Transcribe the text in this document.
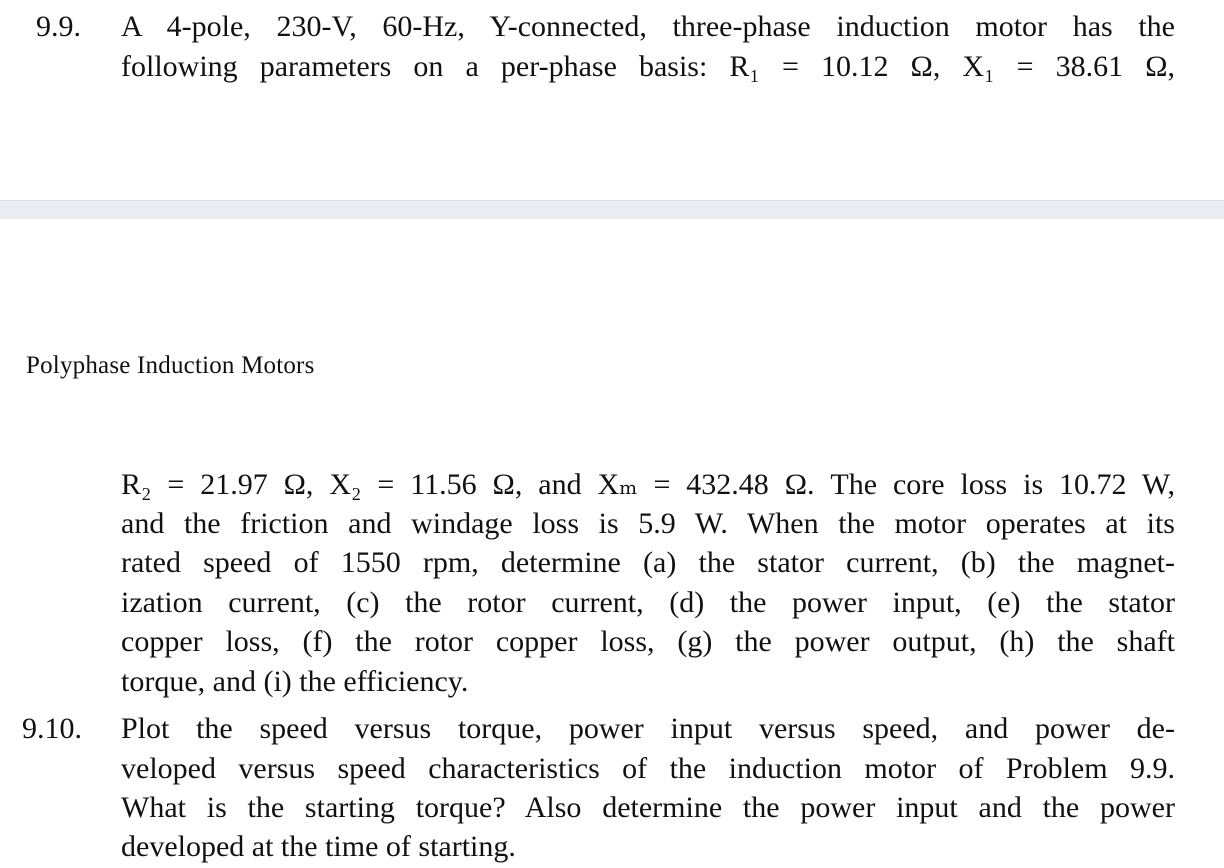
9.9. A 4-pole, 230-V, 60-Hz, Y-connected, three-phase induction motor has the
following parameters on a per-phase basis: R₁ = 10.12 Ω, X₁ = 38.61 Ω,
Polyphase Induction Motors
R₂ = 21.97 Ω, X₂ = 11.56 Ω, and Xₘ = 432.48 Ω. The core loss is 10.72 W,
and the friction and windage loss is 5.9 W. When the motor operates at its
rated speed of 1550 rpm, determine (a) the stator current, (b) the magnet-
ization current, (c) the rotor current, (d) the power input, (e) the stator
copper loss, (f) the rotor copper loss, (g) the power output, (h) the shaft
torque, and (i) the efficiency.
9.10. Plot the speed versus torque, power input versus speed, and power de-
veloped versus speed characteristics of the induction motor of Problem 9.9.
What is the starting torque? Also determine the power input and the power
developed at the time of starting.
